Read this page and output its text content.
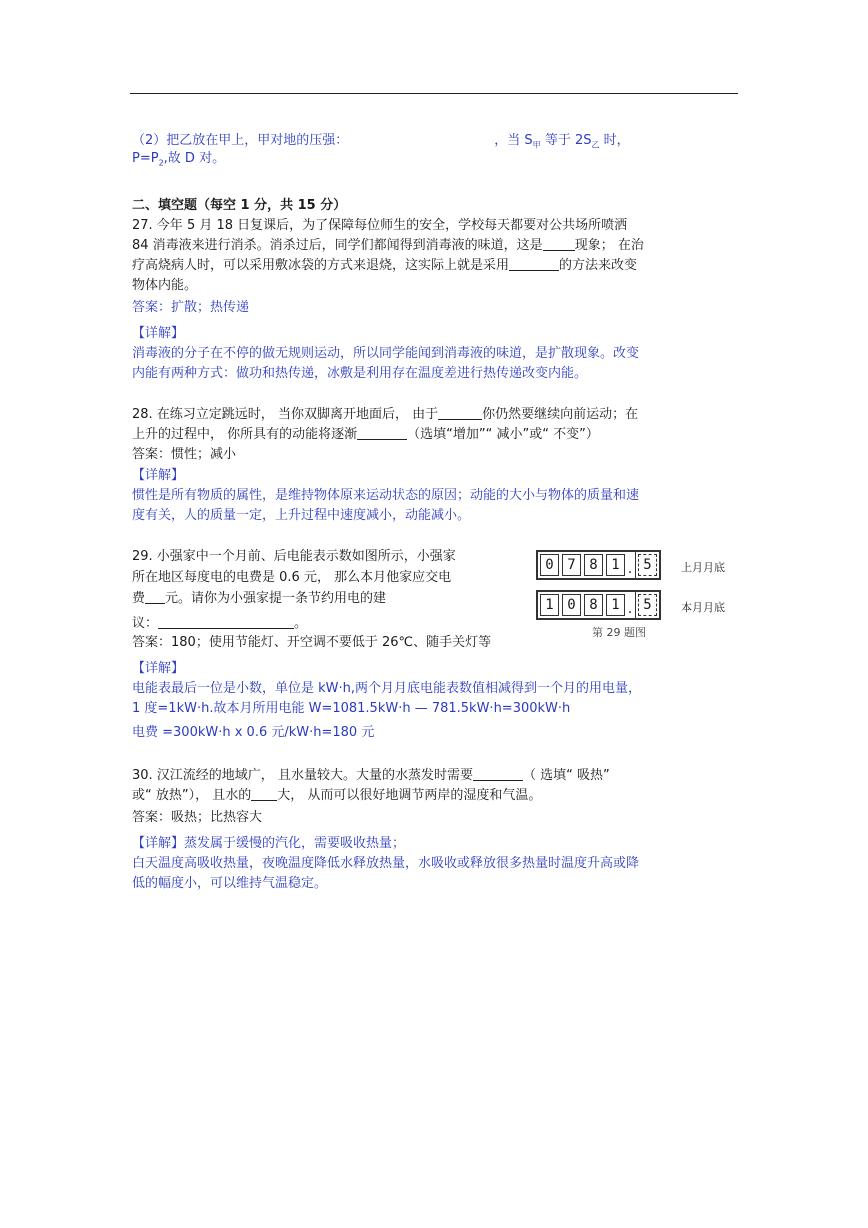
（2）把乙放在甲上，甲对地的压强：	，当 $S_甲$ 等于 $2S_乙$ 时，
$P=P_2$,故 D 对。
二、填空题（每空 1 分，共 15 分）
27. 今年 5 月 18 日复课后，为了保障每位师生的安全，学校每天都要对公共场所喷洒
84 消毒液来进行消杀。消杀过后，同学们都闻得到消毒液的味道，这是 现象； 在治
疗高烧病人时，可以采用敷冰袋的方式来退烧，这实际上就是采用	的方法来改变
物体内能。
答案：扩散；热传递
【详解】
消毒液的分子在不停的做无规则运动，所以同学能闻到消毒液的味道，是扩散现象。改变
内能有两种方式：做功和热传递，冰敷是利用存在温度差进行热传递改变内能。
28. 在练习立定跳远时， 当你双脚离开地面后， 由于	你仍然要继续向前运动；在
上升的过程中， 你所具有的动能将逐渐	（选填“增加”“ 减小”或“ 不变”）
答案：惯性；减小
【详解】
惯性是所有物质的属性，是维持物体原来运动状态的原因；动能的大小与物体的质量和速
度有关，人的质量一定，上升过程中速度减小，动能减小。
29. 小强家中一个月前、后电能表示数如图所示，小强家
所在地区每度电的电费是 0.6 元， 那么本月他家应交电
费 元。请你为小强家提一条节约用电的建
议：	。
0 7 8 1 . 5	上月月底
1 0 8 1 . 5	本月月底
第 29 题图
答案：180；使用节能灯、开空调不要低于 26℃、随手关灯等
【详解】
电能表最后一位是小数，单位是 kW·h,两个月月底电能表数值相减得到一个月的用电量，
1 度=1kW·h.故本月所用电能 W=1081.5kW·h — 781.5kW·h=300kW·h
电费 =300kW·h x 0.6 元/kW·h=180 元
30. 汉江流经的地域广， 且水量较大。大量的水蒸发时需要	（ 选填“ 吸热”
或“ 放热”）， 且水的 大， 从而可以很好地调节两岸的湿度和气温。
答案：吸热；比热容大
【详解】蒸发属于缓慢的汽化，需要吸收热量；
白天温度高吸收热量，夜晚温度降低水释放热量，水吸收或释放很多热量时温度升高或降
低的幅度小，可以维持气温稳定。
